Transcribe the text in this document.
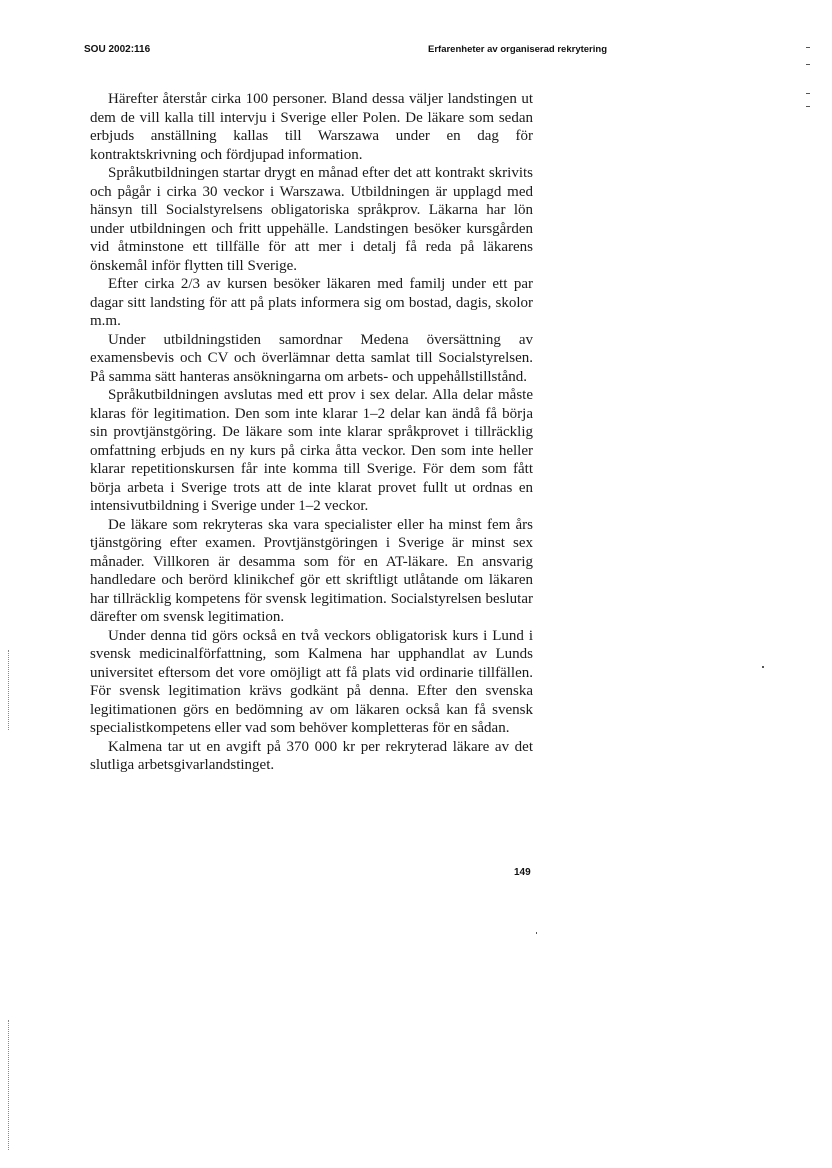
SOU 2002:116	Erfarenheter av organiserad rekrytering

Härefter återstår cirka 100 personer. Bland dessa väljer landstingen ut dem de vill kalla till intervju i Sverige eller Polen. De läkare som sedan erbjuds anställning kallas till Warszawa under en dag för kontraktskrivning och fördjupad information.

Språkutbildningen startar drygt en månad efter det att kontrakt skrivits och pågår i cirka 30 veckor i Warszawa. Utbildningen är upplagd med hänsyn till Socialstyrelsens obligatoriska språkprov. Läkarna har lön under utbildningen och fritt uppehälle. Landstingen besöker kursgården vid åtminstone ett tillfälle för att mer i detalj få reda på läkarens önskemål inför flytten till Sverige.

Efter cirka 2/3 av kursen besöker läkaren med familj under ett par dagar sitt landsting för att på plats informera sig om bostad, dagis, skolor m.m.

Under utbildningstiden samordnar Medena översättning av examensbevis och CV och överlämnar detta samlat till Socialstyrelsen. På samma sätt hanteras ansökningarna om arbets- och uppehållstillstånd.

Språkutbildningen avslutas med ett prov i sex delar. Alla delar måste klaras för legitimation. Den som inte klarar 1–2 delar kan ändå få börja sin provtjänstgöring. De läkare som inte klarar språkprovet i tillräcklig omfattning erbjuds en ny kurs på cirka åtta veckor. Den som inte heller klarar repetitionskursen får inte komma till Sverige. För dem som fått börja arbeta i Sverige trots att de inte klarat provet fullt ut ordnas en intensivutbildning i Sverige under 1–2 veckor.

De läkare som rekryteras ska vara specialister eller ha minst fem års tjänstgöring efter examen. Provtjänstgöringen i Sverige är minst sex månader. Villkoren är desamma som för en AT-läkare. En ansvarig handledare och berörd klinikchef gör ett skriftligt utlåtande om läkaren har tillräcklig kompetens för svensk legitimation. Socialstyrelsen beslutar därefter om svensk legitimation.

Under denna tid görs också en två veckors obligatorisk kurs i Lund i svensk medicinalförfattning, som Kalmena har upphandlat av Lunds universitet eftersom det vore omöjligt att få plats vid ordinarie tillfällen. För svensk legitimation krävs godkänt på denna. Efter den svenska legitimationen görs en bedömning av om läkaren också kan få svensk specialistkompetens eller vad som behöver kompletteras för en sådan.

Kalmena tar ut en avgift på 370 000 kr per rekryterad läkare av det slutliga arbetsgivarlandstinget.

149
